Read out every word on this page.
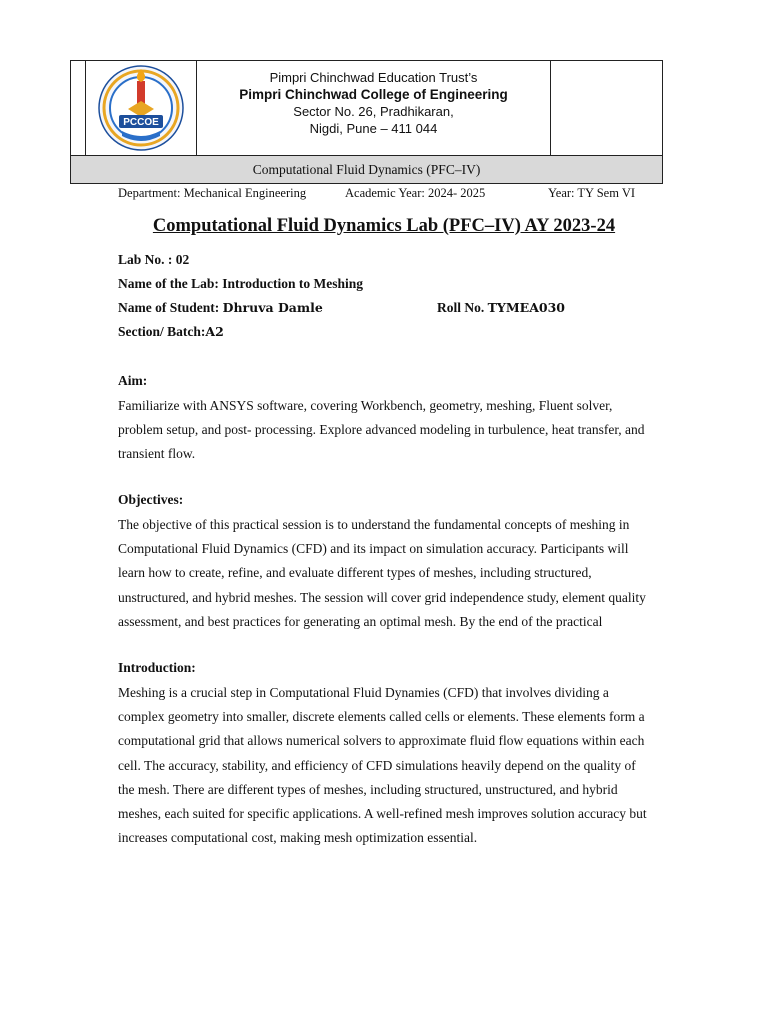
PCCOE
Pimpri Chinchwad Education Trust’s
Pimpri Chinchwad College of Engineering
Sector No. 26, Pradhikaran,
Nigdi, Pune – 411 044
Computational Fluid Dynamics (PFC–IV)
Department: Mechanical Engineering	Academic Year: 2024- 2025	Year: TY Sem VI
Computational Fluid Dynamics Lab (PFC–IV) AY 2023-24
Lab No. : 02
Name of the Lab: Introduction to Meshing
Name of Student: Dhruva Damle	Roll No. TYMEA030
Section/ Batch:A2
Aim:
Familiarize with ANSYS software, covering Workbench, geometry, meshing, Fluent solver,
problem setup, and post- processing. Explore advanced modeling in turbulence, heat transfer, and
transient flow.
Objectives:
The objective of this practical session is to understand the fundamental concepts of meshing in
Computational Fluid Dynamics (CFD) and its impact on simulation accuracy. Participants will
learn how to create, refine, and evaluate different types of meshes, including structured,
unstructured, and hybrid meshes. The session will cover grid independence study, element quality
assessment, and best practices for generating an optimal mesh. By the end of the practical
Introduction:
Meshing is a crucial step in Computational Fluid Dynamies (CFD) that involves dividing a
complex geometry into smaller, discrete elements called cells or elements. These elements form a
computational grid that allows numerical solvers to approximate fluid flow equations within each
cell. The accuracy, stability, and efficiency of CFD simulations heavily depend on the quality of
the mesh. There are different types of meshes, including structured, unstructured, and hybrid
meshes, each suited for specific applications. A well-refined mesh improves solution accuracy but
increases computational cost, making mesh optimization essential.
